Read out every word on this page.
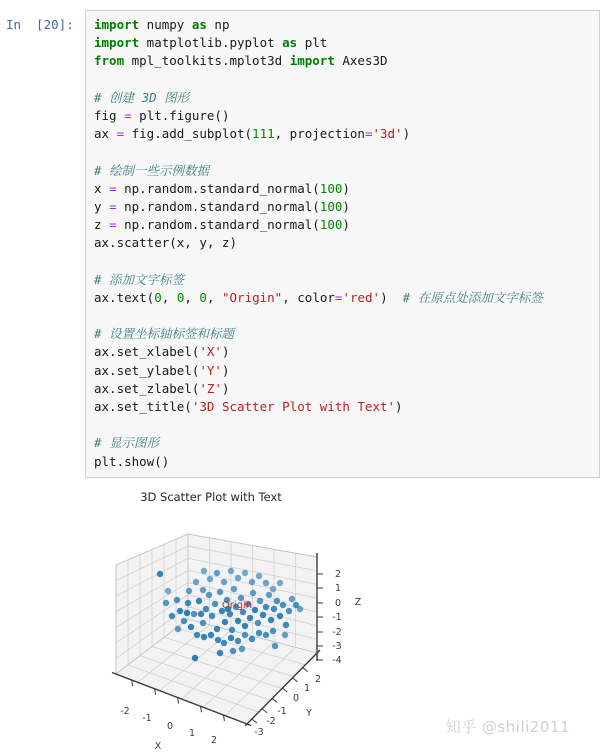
In  [20]:	import numpy as np
import matplotlib.pyplot as plt
from mpl_toolkits.mplot3d import Axes3D

# 创建 3D 图形
fig = plt.figure()
ax = fig.add_subplot(111, projection='3d')

# 绘制一些示例数据
x = np.random.standard_normal(100)
y = np.random.standard_normal(100)
z = np.random.standard_normal(100)
ax.scatter(x, y, z)

# 添加文字标签
ax.text(0, 0, 0, "Origin", color='red')  # 在原点处添加文字标签

# 设置坐标轴标签和标题
ax.set_xlabel('X')
ax.set_ylabel('Y')
ax.set_zlabel('Z')
ax.set_title('3D Scatter Plot with Text')

# 显示图形
plt.show()
Origin
-2
-1
0
1
2
-3
-2
-1
0
1
2
2
1
0
-1
-2
-3
-4
X
Y
Z
3D Scatter Plot with Text
知乎 @shili2011
